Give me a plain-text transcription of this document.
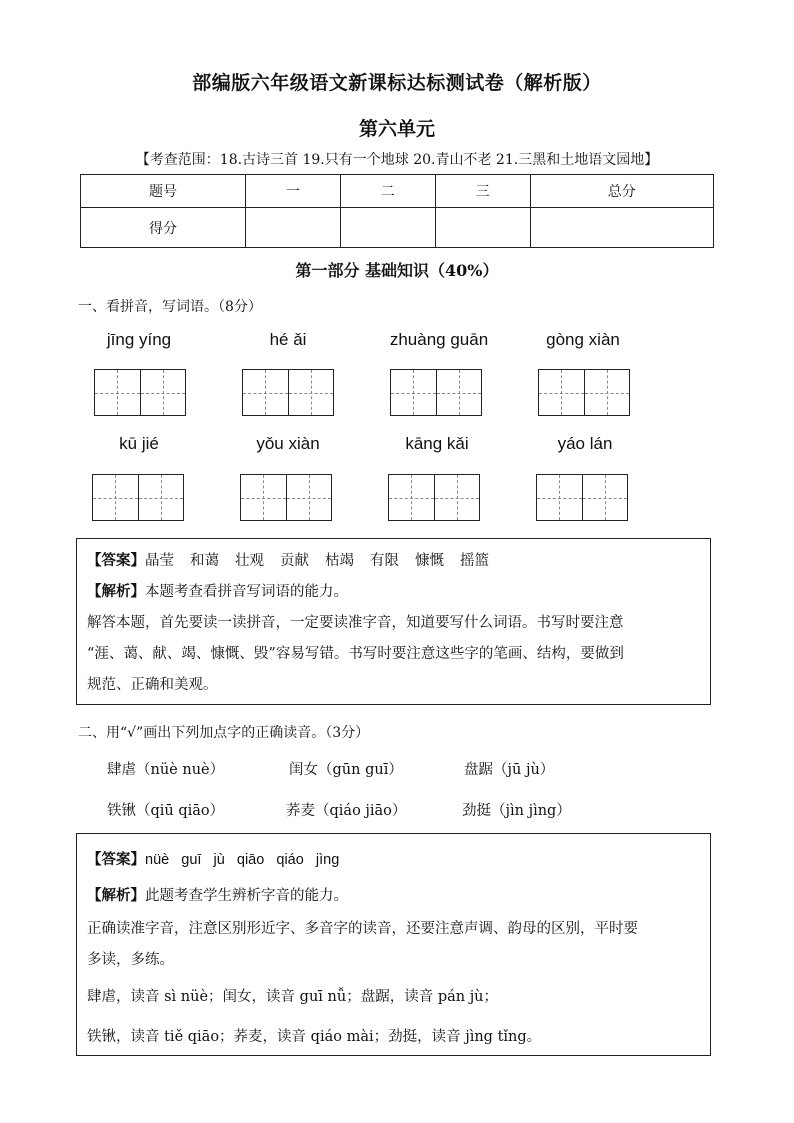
部编版六年级语文新课标达标测试卷（解析版）
第六单元
【考查范围：18.古诗三首 19.只有一个地球 20.青山不老 21.三黑和土地语文园地】
题号	一	二	三	总分
得分				
第一部分 基础知识（40%）
一、看拼音，写词语。（8分）
jīng yíng	hé ǎi	zhuàng guān	gòng xiàn
kū jié	yǒu xiàn	kāng kǎi	yáo lán
【答案】晶莹 和蔼 壮观 贡献 枯竭 有限 慷慨 摇篮
【解析】本题考查看拼音写词语的能力。
解答本题，首先要读一读拼音，一定要读准字音，知道要写什么词语。书写时要注意
“涯、蔼、献、竭、慷慨、毁”容易写错。书写时要注意这些字的笔画、结构，要做到
规范、正确和美观。
二、用“√”画出下列加点字的正确读音。（3分）
肆虐（nüè nuè）	闺女（gūn guī）	盘踞（jū jù）
铁锹（qiū qiāo）	荞麦（qiáo jiāo）	劲挺（jìn jìng）
【答案】nüè   guī   jù   qiāo   qiáo   jìng
【解析】此题考查学生辨析字音的能力。
正确读准字音，注意区别形近字、多音字的读音，还要注意声调、韵母的区别，平时要
多读，多练。
肆虐，读音 sì nüè；闺女，读音 guī nǚ；盘踞，读音 pán jù；
铁锹，读音 tiě qiāo；荞麦，读音 qiáo mài；劲挺，读音 jìng tǐng。
